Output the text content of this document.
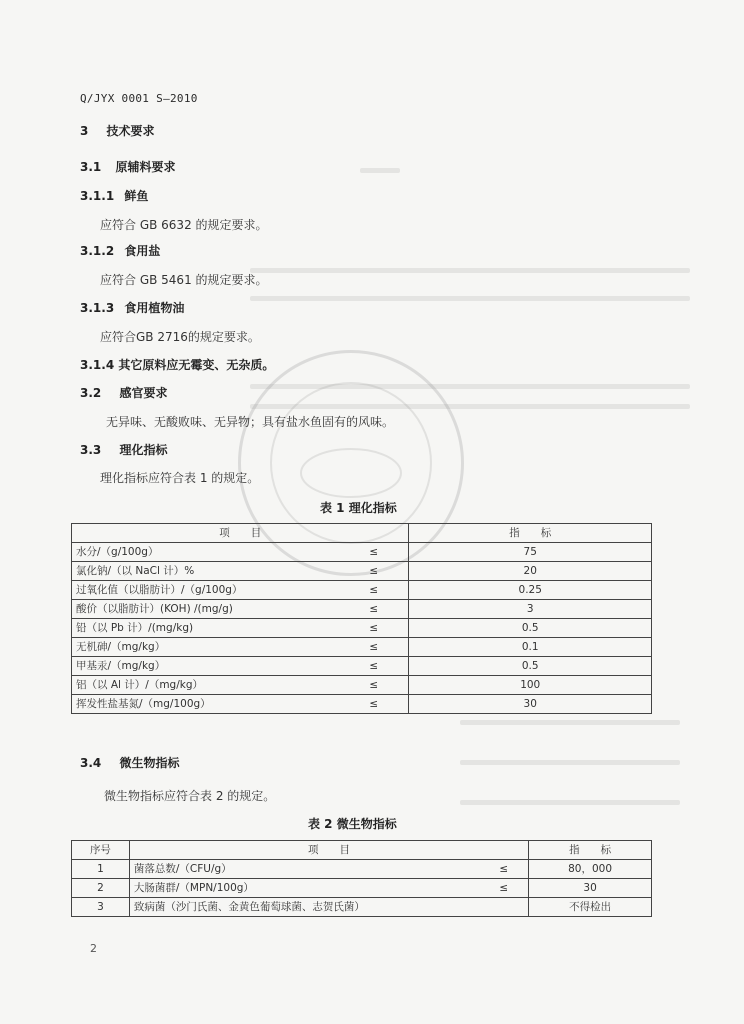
Q/JYX 0001 S—2010
3 技术要求
3.1 原辅料要求
3.1.1 鲜鱼
应符合 GB 6632 的规定要求。
3.1.2 食用盐
应符合 GB 5461 的规定要求。
3.1.3 食用植物油
应符合GB 2716的规定要求。
3.1.4 其它原料应无霉变、无杂质。
3.2 感官要求
无异味、无酸败味、无异物；具有盐水鱼固有的风味。
3.3 理化指标
理化指标应符合表 1 的规定。
表 1 理化指标
项　　目		指　　标
水分/（g/100g）	≤	75
氯化钠/（以 NaCl 计）%	≤	20
过氧化值（以脂肪计）/（g/100g）	≤	0.25
酸价（以脂肪计）(KOH) /(mg/g)	≤	3
铅（以 Pb 计）/(mg/kg)	≤	0.5
无机砷/（mg/kg）	≤	0.1
甲基汞/（mg/kg）	≤	0.5
铝（以 Al 计）/（mg/kg）	≤	100
挥发性盐基氮/（mg/100g）	≤	30
3.4 微生物指标
微生物指标应符合表 2 的规定。
表 2 微生物指标
序号	项　　目		指　　标
1	菌落总数/（CFU/g）	≤	80，000
2	大肠菌群/（MPN/100g）	≤	30
3	致病菌（沙门氏菌、金黄色葡萄球菌、志贺氏菌）		不得检出
2
